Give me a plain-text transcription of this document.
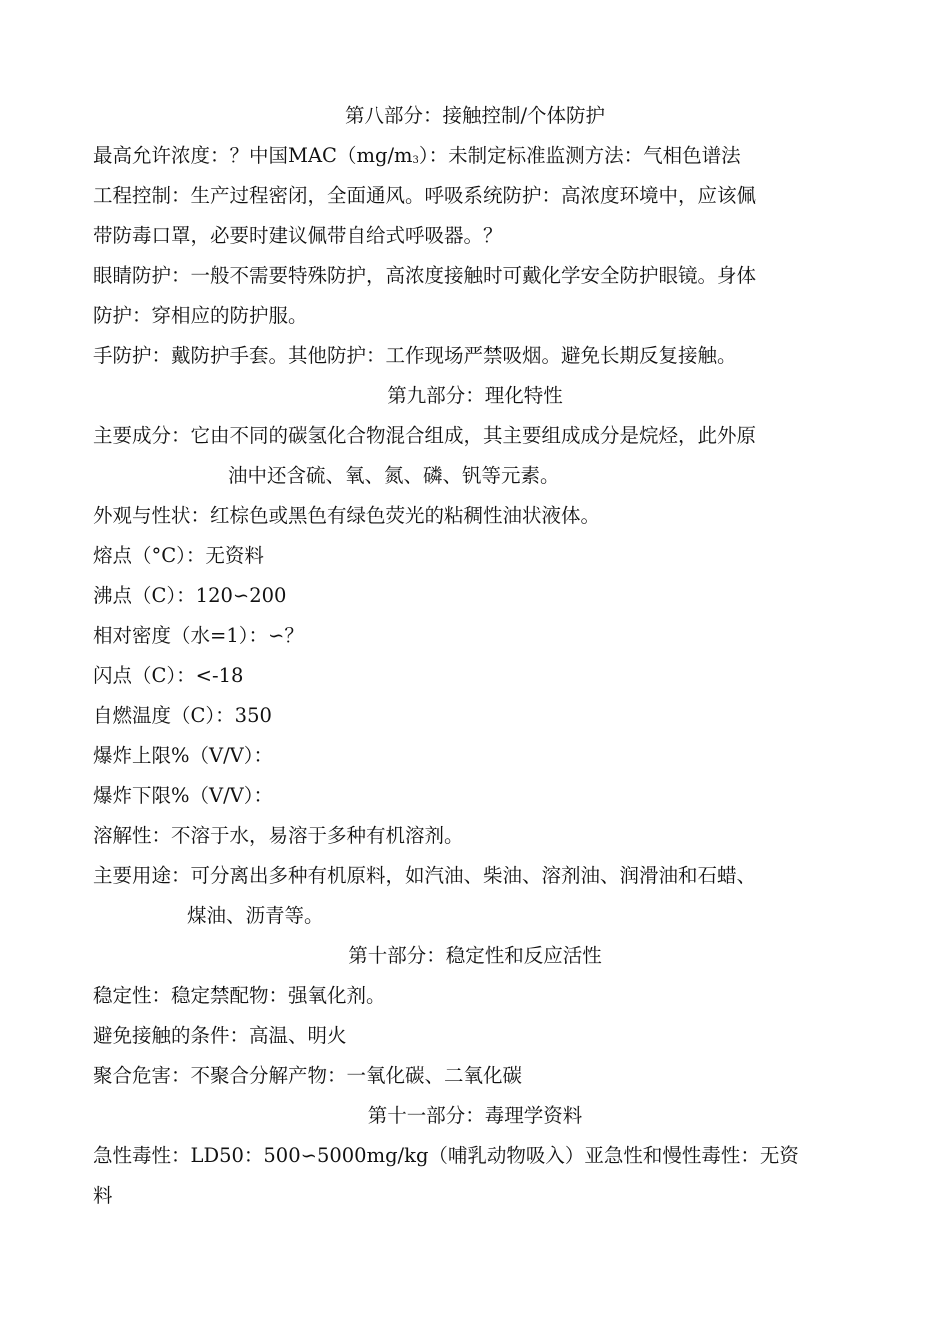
第八部分：接触控制/个体防护
最高允许浓度：？中国MAC（mg/m3）：未制定标准监测方法：气相色谱法
工程控制：生产过程密闭，全面通风。呼吸系统防护：高浓度环境中，应该佩
带防毒口罩，必要时建议佩带自给式呼吸器。？
眼睛防护：一般不需要特殊防护，高浓度接触时可戴化学安全防护眼镜。身体
防护：穿相应的防护服。
手防护：戴防护手套。其他防护：工作现场严禁吸烟。避免长期反复接触。
第九部分：理化特性
主要成分：它由不同的碳氢化合物混合组成，其主要组成成分是烷烃，此外原
油中还含硫、氧、氮、磷、钒等元素。
外观与性状：红棕色或黑色有绿色荧光的粘稠性油状液体。
熔点（°C）：无资料
沸点（C）：120∽200
相对密度（水=1）：∽？
闪点（C）：<-18
自燃温度（C）：350
爆炸上限%（V/V）：
爆炸下限%（V/V）：
溶解性：不溶于水，易溶于多种有机溶剂。
主要用途：可分离出多种有机原料，如汽油、柴油、溶剂油、润滑油和石蜡、
煤油、沥青等。
第十部分：稳定性和反应活性
稳定性：稳定禁配物：强氧化剂。
避免接触的条件：高温、明火
聚合危害：不聚合分解产物：一氧化碳、二氧化碳
第十一部分：毒理学资料
急性毒性：LD50：500∽5000mg/kg（哺乳动物吸入）亚急性和慢性毒性：无资
料
